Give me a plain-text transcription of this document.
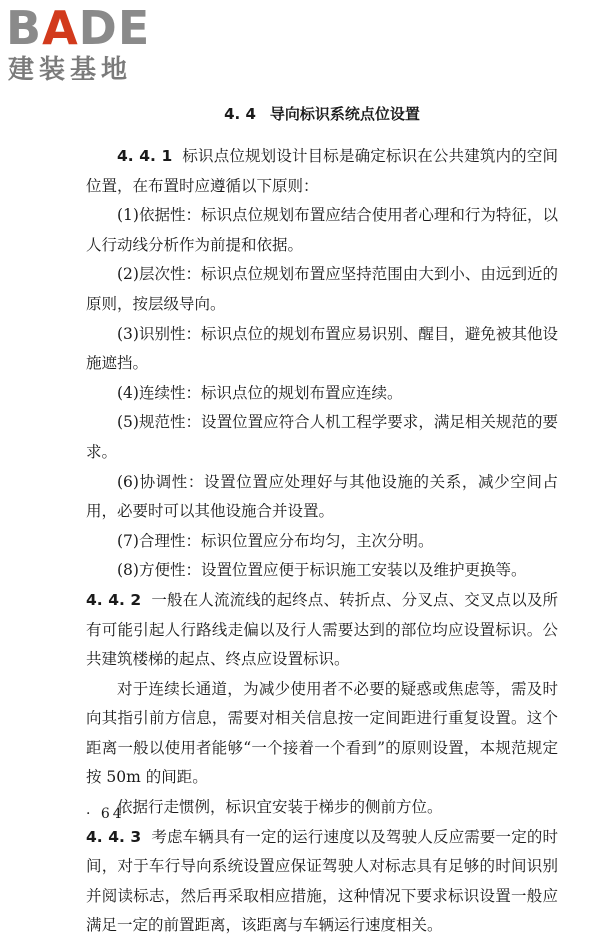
BADE
建装基地
4. 4 导向标识系统点位设置

4. 4. 1 标识点位规划设计目标是确定标识在公共建筑内的空间位置，在布置时应遵循以下原则：

(1)依据性：标识点位规划布置应结合使用者心理和行为特征，以人行动线分析作为前提和依据。

(2)层次性：标识点位规划布置应坚持范围由大到小、由远到近的原则，按层级导向。

(3)识别性：标识点位的规划布置应易识别、醒目，避免被其他设施遮挡。

(4)连续性：标识点位的规划布置应连续。

(5)规范性：设置位置应符合人机工程学要求，满足相关规范的要求。

(6)协调性：设置位置应处理好与其他设施的关系，减少空间占用，必要时可以其他设施合并设置。

(7)合理性：标识位置应分布均匀，主次分明。

(8)方便性：设置位置应便于标识施工安装以及维护更换等。

4. 4. 2 一般在人流流线的起终点、转折点、分叉点、交叉点以及所有可能引起人行路线走偏以及行人需要达到的部位均应设置标识。公共建筑楼梯的起点、终点应设置标识。

对于连续长通道，为减少使用者不必要的疑惑或焦虑等，需及时向其指引前方信息，需要对相关信息按一定间距进行重复设置。这个距离一般以使用者能够“一个接着一个看到”的原则设置，本规范规定按 50m 的间距。

依据行走惯例，标识宜安装于梯步的侧前方位。

4. 4. 3 考虑车辆具有一定的运行速度以及驾驶人反应需要一定的时间，对于车行导向系统设置应保证驾驶人对标志具有足够的时间识别并阅读标志，然后再采取相应措施，这种情况下要求标识设置一般应满足一定的前置距离，该距离与车辆运行速度相关。

· 64 ·
